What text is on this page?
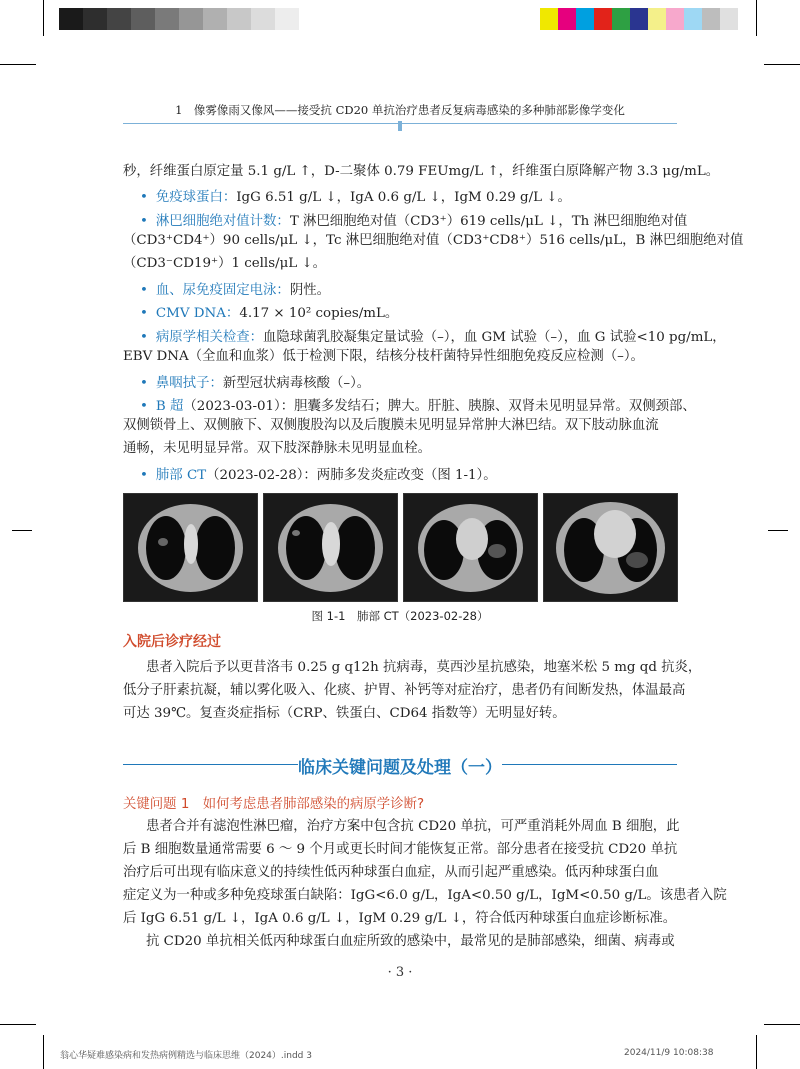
1 像雾像雨又像风——接受抗 CD20 单抗治疗患者反复病毒感染的多种肺部影像学变化
秒，纤维蛋白原定量 5.1 g/L ↑，D-二聚体 0.79 FEUmg/L ↑，纤维蛋白原降解产物 3.3 μg/mL。
• 免疫球蛋白：IgG 6.51 g/L ↓，IgA 0.6 g/L ↓，IgM 0.29 g/L ↓。
• 淋巴细胞绝对值计数：T 淋巴细胞绝对值（CD3⁺）619 cells/μL ↓，Th 淋巴细胞绝对值
（CD3⁺CD4⁺）90 cells/μL ↓，Tc 淋巴细胞绝对值（CD3⁺CD8⁺）516 cells/μL，B 淋巴细胞绝对值
（CD3⁻CD19⁺）1 cells/μL ↓。
• 血、尿免疫固定电泳：阴性。
• CMV DNA：4.17 × 10² copies/mL。
• 病原学相关检查：血隐球菌乳胶凝集定量试验（–），血 GM 试验（–），血 G 试验<10 pg/mL，
EBV DNA（全血和血浆）低于检测下限，结核分枝杆菌特异性细胞免疫反应检测（–）。
• 鼻咽拭子：新型冠状病毒核酸（–）。
• B 超（2023-03-01）：胆囊多发结石；脾大。肝脏、胰腺、双肾未见明显异常。双侧颈部、
双侧锁骨上、双侧腋下、双侧腹股沟以及后腹膜未见明显异常肿大淋巴结。双下肢动脉血流
通畅，未见明显异常。双下肢深静脉未见明显血栓。
• 肺部 CT（2023-02-28）：两肺多发炎症改变（图 1-1）。
图 1-1 肺部 CT（2023-02-28）
入院后诊疗经过
患者入院后予以更昔洛韦 0.25 g q12h 抗病毒，莫西沙星抗感染，地塞米松 5 mg qd 抗炎，
低分子肝素抗凝，辅以雾化吸入、化痰、护胃、补钙等对症治疗，患者仍有间断发热，体温最高
可达 39℃。复查炎症指标（CRP、铁蛋白、CD64 指数等）无明显好转。
临床关键问题及处理（一）
关键问题 1 如何考虑患者肺部感染的病原学诊断?
患者合并有滤泡性淋巴瘤，治疗方案中包含抗 CD20 单抗，可严重消耗外周血 B 细胞，此
后 B 细胞数量通常需要 6 ～ 9 个月或更长时间才能恢复正常。部分患者在接受抗 CD20 单抗
治疗后可出现有临床意义的持续性低丙种球蛋白血症，从而引起严重感染。低丙种球蛋白血
症定义为一种或多种免疫球蛋白缺陷：IgG<6.0 g/L，IgA<0.50 g/L，IgM<0.50 g/L。该患者入院
后 IgG 6.51 g/L ↓，IgA 0.6 g/L ↓，IgM 0.29 g/L ↓，符合低丙种球蛋白血症诊断标准。
抗 CD20 单抗相关低丙种球蛋白血症所致的感染中，最常见的是肺部感染，细菌、病毒或
· 3 ·
翁心华疑难感染病和发热病例精选与临床思维（2024）.indd 3	2024/11/9 10:08:38
